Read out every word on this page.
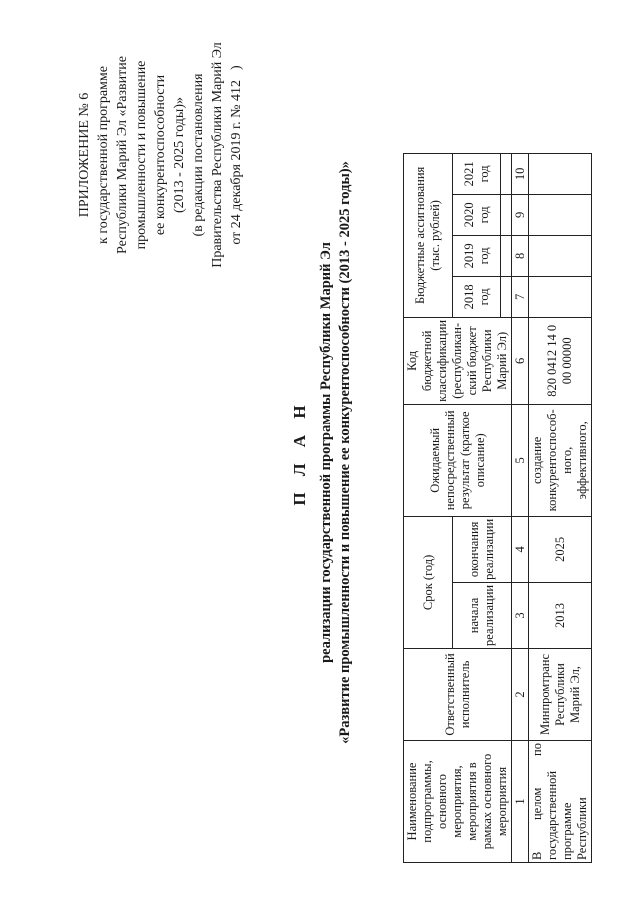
ПРИЛОЖЕНИЕ № 6 к государственной программе Республики Марий Эл «Развитие промышленности и повышение ее конкурентоспособности (2013 - 2025 годы)» (в редакции постановления Правительства Республики Марий Эл от 24 декабря 2019 г. № 412)
П Л А Н реализации государственной программы Республики Марий Эл «Развитие промышленности и повышение ее конкурентоспособности (2013 - 2025 годы)»
Наименование подпрограммы, основного мероприятия, мероприятия в рамках основного мероприятия	Ответственный исполнитель	Срок (год)		Ожидаемый непосредственный результат (краткое описание)	Код бюджетной классификации (республикан-ский бюджет Республики Марий Эл)	Бюджетные ассигнования (тыс. рублей)			
		начала реализации	окончания реализации			2018 год	2019 год	2020 год	2021 год

1	2	3	4	5	6	7	8	9	10
В целом по государственной программе Республики	Минпромтранс Республики Марий Эл,	2013	2025	создание конкурентоспособ-ного, эффективного,	820 0412 14 0 00 00000				
